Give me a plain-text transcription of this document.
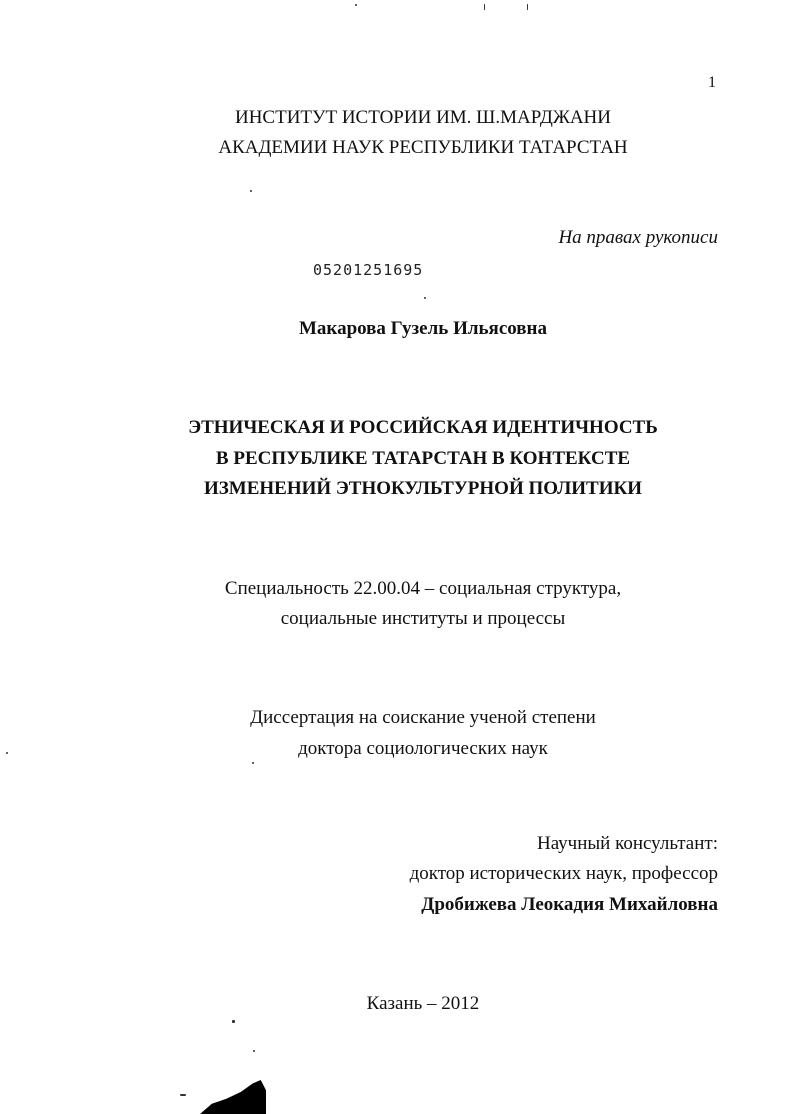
1
ИНСТИТУТ ИСТОРИИ ИМ. Ш.МАРДЖАНИ
АКАДЕМИИ НАУК РЕСПУБЛИКИ ТАТАРСТАН
На правах рукописи
05201251695
Макарова Гузель Ильясовна
ЭТНИЧЕСКАЯ И РОССИЙСКАЯ ИДЕНТИЧНОСТЬ
В РЕСПУБЛИКЕ ТАТАРСТАН В КОНТЕКСТЕ
ИЗМЕНЕНИЙ ЭТНОКУЛЬТУРНОЙ ПОЛИТИКИ
Специальность 22.00.04 – социальная структура,
социальные институты и процессы
Диссертация на соискание ученой степени
доктора социологических наук
Научный консультант:
доктор исторических наук, профессор
Дробижева Леокадия Михайловна
Казань – 2012
